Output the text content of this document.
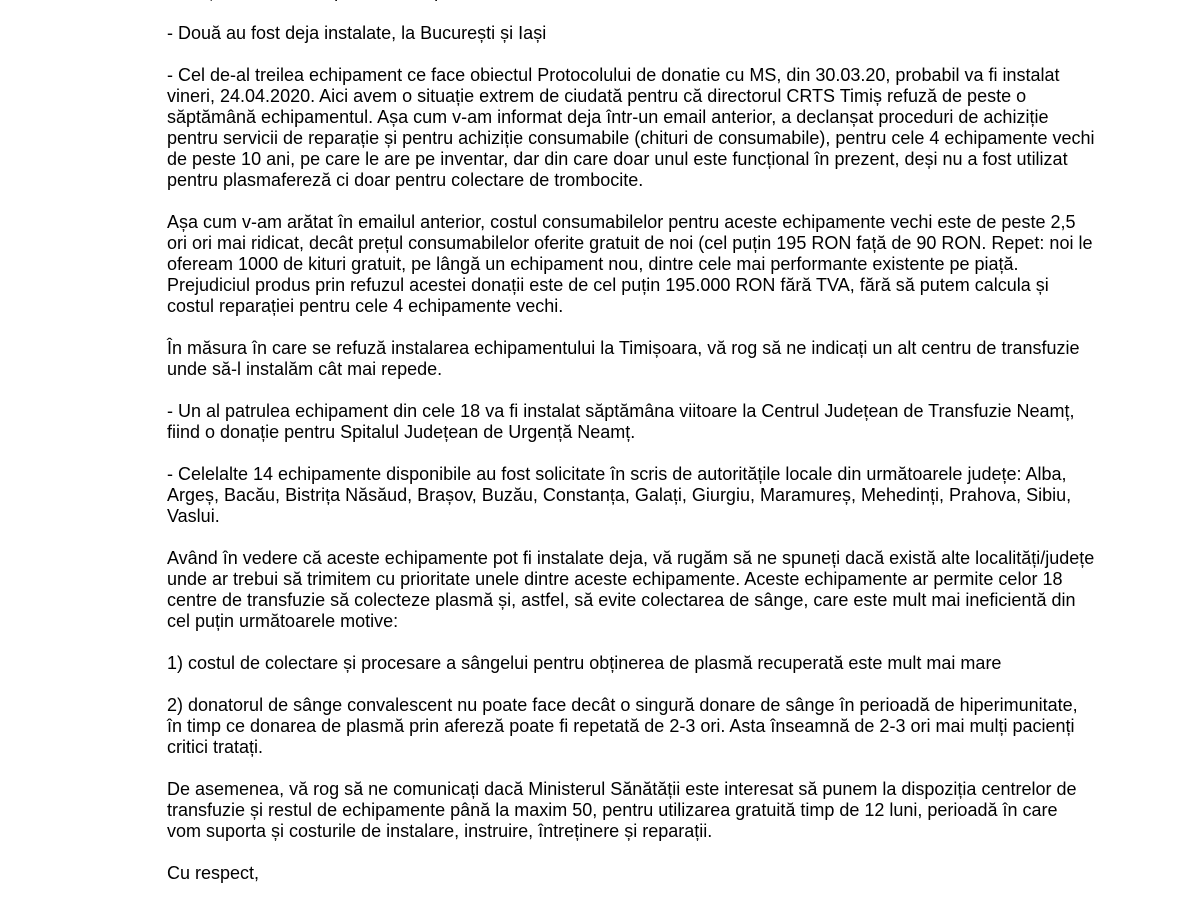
- Două au fost deja instalate, la București și Iași

- Cel de-al treilea echipament ce face obiectul Protocolului de donatie cu MS, din 30.03.20, probabil va fi instalat vineri, 24.04.2020. Aici avem o situație extrem de ciudată pentru că directorul CRTS Timiș refuză de peste o săptămână echipamentul. Așa cum v-am informat deja într-un email anterior, a declanșat proceduri de achiziție pentru servicii de reparație și pentru achiziție consumabile (chituri de consumabile), pentru cele 4 echipamente vechi de peste 10 ani, pe care le are pe inventar, dar din care doar unul este funcțional în prezent, deși nu a fost utilizat pentru plasmafereză ci doar pentru colectare de trombocite.

Așa cum v-am arătat în emailul anterior, costul consumabilelor pentru aceste echipamente vechi este de peste 2,5 ori ori mai ridicat, decât prețul consumabilelor oferite gratuit de noi (cel puțin 195 RON față de 90 RON. Repet: noi le ofeream 1000 de kituri gratuit, pe lângă un echipament nou, dintre cele mai performante existente pe piață. Prejudiciul produs prin refuzul acestei donații este de cel puțin 195.000 RON fără TVA, fără să putem calcula și costul reparației pentru cele 4 echipamente vechi.

În măsura în care se refuză instalarea echipamentului la Timișoara, vă rog să ne indicați un alt centru de transfuzie unde să-l instalăm cât mai repede.

- Un al patrulea echipament din cele 18 va fi instalat săptămâna viitoare la Centrul Județean de Transfuzie Neamț, fiind o donație pentru Spitalul Județean de Urgență Neamț.

- Celelalte 14 echipamente disponibile au fost solicitate în scris de autoritățile locale din următoarele județe: Alba, Argeș, Bacău, Bistrița Năsăud, Brașov, Buzău, Constanța, Galați, Giurgiu, Maramureș, Mehedinți, Prahova, Sibiu, Vaslui.

Având în vedere că aceste echipamente pot fi instalate deja, vă rugăm să ne spuneți dacă există alte localități/județe unde ar trebui să trimitem cu prioritate unele dintre aceste echipamente. Aceste echipamente ar permite celor 18 centre de transfuzie să colecteze plasmă și, astfel, să evite colectarea de sânge, care este mult mai ineficientă din cel puțin următoarele motive:

1) costul de colectare și procesare a sângelui pentru obținerea de plasmă recuperată este mult mai mare

2) donatorul de sânge convalescent nu poate face decât o singură donare de sânge în perioadă de hiperimunitate, în timp ce donarea de plasmă prin afereză poate fi repetată de 2-3 ori. Asta înseamnă de 2-3 ori mai mulți pacienți critici tratați.

De asemenea, vă rog să ne comunicați dacă Ministerul Sănătății este interesat să punem la dispoziția centrelor de transfuzie și restul de echipamente până la maxim 50, pentru utilizarea gratuită timp de 12 luni, perioadă în care vom suporta și costurile de instalare, instruire, întreținere și reparații.

Cu respect,
